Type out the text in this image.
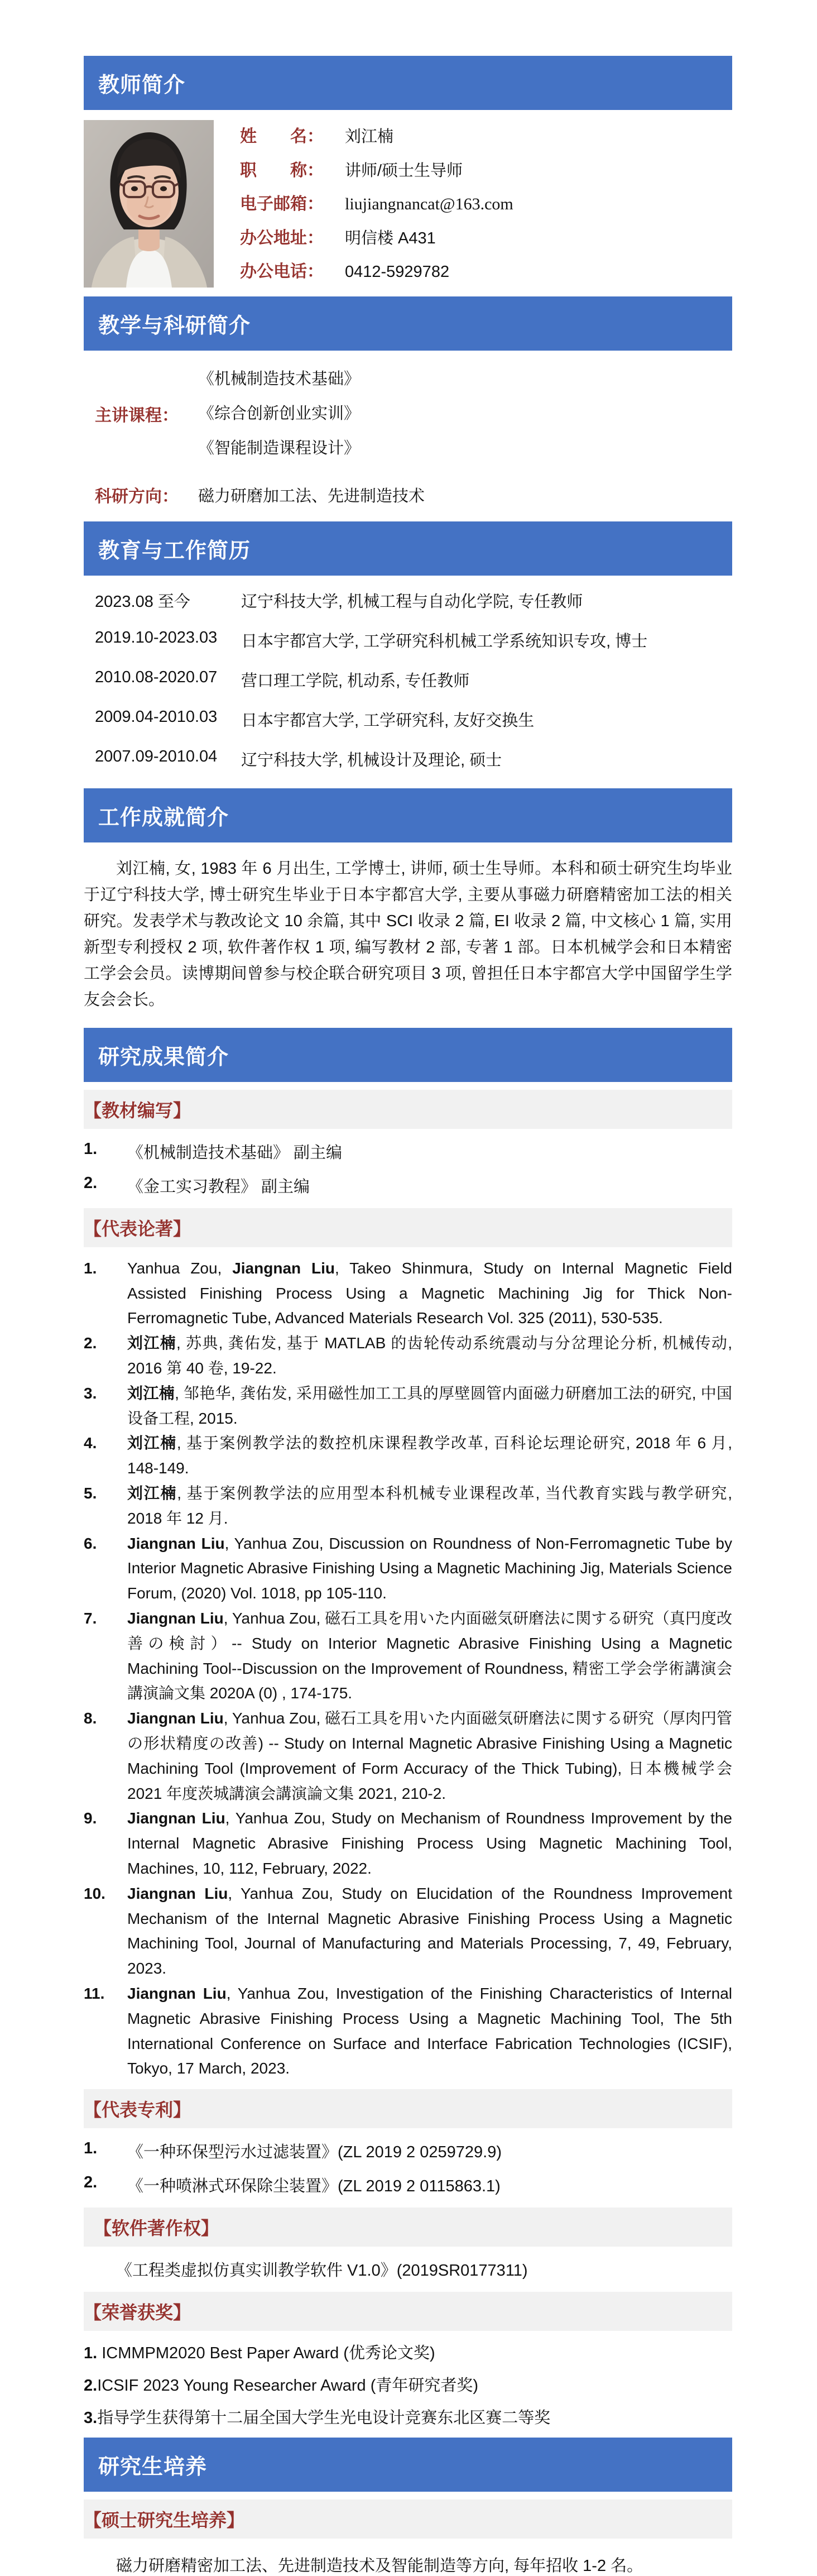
教师简介
姓　　名：	刘江楠
职　　称：	讲师/硕士生导师
电子邮箱：	liujiangnancat@163.com
办公地址：	明信楼 A431
办公电话：	0412-5929782
教学与科研简介
主讲课程：
《机械制造技术基础》
《综合创新创业实训》
《智能制造课程设计》
科研方向：	磁力研磨加工法、先进制造技术
教育与工作简历
2023.08 至今	辽宁科技大学, 机械工程与自动化学院, 专任教师
2019.10-2023.03	日本宇都宫大学, 工学研究科机械工学系统知识专攻, 博士
2010.08-2020.07	营口理工学院, 机动系, 专任教师
2009.04-2010.03	日本宇都宫大学, 工学研究科, 友好交换生
2007.09-2010.04	辽宁科技大学, 机械设计及理论, 硕士
工作成就简介

刘江楠, 女, 1983 年 6 月出生, 工学博士, 讲师, 硕士生导师。本科和硕士研究生均毕业于辽宁科技大学, 博士研究生毕业于日本宇都宫大学, 主要从事磁力研磨精密加工法的相关研究。发表学术与教改论文 10 余篇, 其中 SCI 收录 2 篇, EI 收录 2 篇, 中文核心 1 篇, 实用新型专利授权 2 项, 软件著作权 1 项, 编写教材 2 部, 专著 1 部。日本机械学会和日本精密工学会会员。读博期间曾参与校企联合研究项目 3 项, 曾担任日本宇都宫大学中国留学生学友会会长。

研究成果简介
【教材编写】
1.	《机械制造技术基础》 副主编
2.	《金工实习教程》 副主编
【代表论著】
1.	Yanhua Zou, Jiangnan Liu, Takeo Shinmura, Study on Internal Magnetic Field Assisted Finishing Process Using a Magnetic Machining Jig for Thick Non-Ferromagnetic Tube, Advanced Materials Research Vol. 325 (2011), 530-535.
2.	刘江楠, 苏典, 龚佑发, 基于 MATLAB 的齿轮传动系统震动与分岔理论分析, 机械传动, 2016 第 40 卷, 19-22.
3.	刘江楠, 邹艳华, 龚佑发, 采用磁性加工工具的厚壁圆管内面磁力研磨加工法的研究, 中国设备工程, 2015.
4.	刘江楠, 基于案例教学法的数控机床课程教学改革, 百科论坛理论研究, 2018 年 6 月, 148-149.
5.	刘江楠, 基于案例教学法的应用型本科机械专业课程改革, 当代教育实践与教学研究, 2018 年 12 月.
6.	Jiangnan Liu, Yanhua Zou, Discussion on Roundness of Non-Ferromagnetic Tube by Interior Magnetic Abrasive Finishing Using a Magnetic Machining Jig, Materials Science Forum, (2020) Vol. 1018, pp 105-110.
7.	Jiangnan Liu, Yanhua Zou, 磁石工具を用いた内面磁気研磨法に関する研究（真円度改善の検討）-- Study on Interior Magnetic Abrasive Finishing Using a Magnetic Machining Tool--Discussion on the Improvement of Roundness, 精密工学会学術講演会講演論文集 2020A (0) , 174-175.
8.	Jiangnan Liu, Yanhua Zou, 磁石工具を用いた内面磁気研磨法に関する研究（厚肉円管の形状精度の改善) -- Study on Internal Magnetic Abrasive Finishing Using a Magnetic Machining Tool (Improvement of Form Accuracy of the Thick Tubing), 日本機械学会 2021 年度茨城講演会講演論文集 2021, 210-2.
9.	Jiangnan Liu, Yanhua Zou, Study on Mechanism of Roundness Improvement by the Internal Magnetic Abrasive Finishing Process Using Magnetic Machining Tool, Machines, 10, 112, February, 2022.
10.	Jiangnan Liu, Yanhua Zou, Study on Elucidation of the Roundness Improvement Mechanism of the Internal Magnetic Abrasive Finishing Process Using a Magnetic Machining Tool, Journal of Manufacturing and Materials Processing, 7, 49, February, 2023.
11.	Jiangnan Liu, Yanhua Zou, Investigation of the Finishing Characteristics of Internal Magnetic Abrasive Finishing Process Using a Magnetic Machining Tool, The 5th International Conference on Surface and Interface Fabrication Technologies (ICSIF), Tokyo, 17 March, 2023.
【代表专利】
1.	《一种环保型污水过滤装置》(ZL 2019 2 0259729.9)
2.	《一种喷淋式环保除尘装置》(ZL 2019 2 0115863.1)
【软件著作权】
《工程类虚拟仿真实训教学软件 V1.0》(2019SR0177311)
【荣誉获奖】
1. ICMMPM2020 Best Paper Award (优秀论文奖)
2.ICSIF 2023 Young Researcher Award (青年研究者奖)
3.指导学生获得第十二届全国大学生光电设计竞赛东北区赛二等奖
研究生培养
【硕士研究生培养】

磁力研磨精密加工法、先进制造技术及智能制造等方向, 每年招收 1-2 名。
